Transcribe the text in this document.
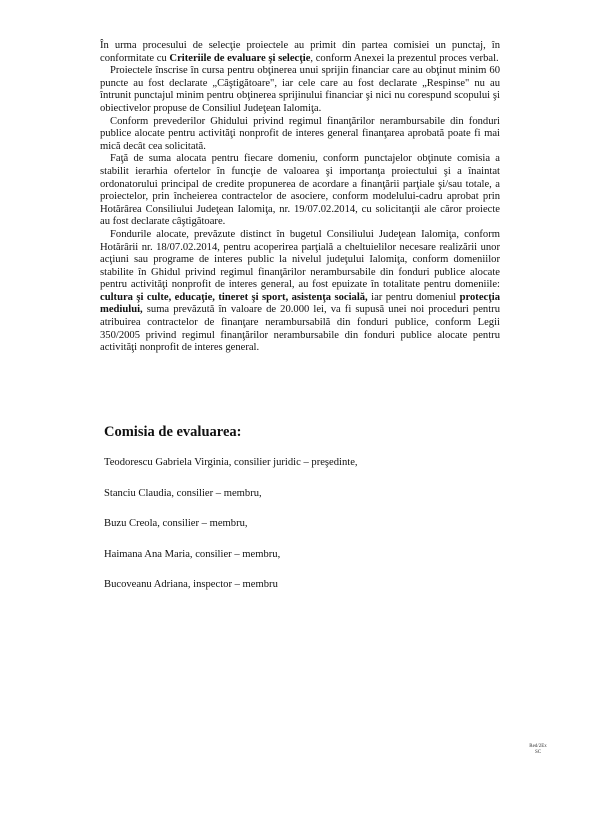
În urma procesului de selecţie proiectele au primit din partea comisiei un punctaj, în conformitate cu Criteriile de evaluare şi selecţie, conform Anexei la prezentul proces verbal.

Proiectele înscrise în cursa pentru obţinerea unui sprijin financiar care au obţinut minim 60 puncte au fost declarate „Câştigătoare", iar cele care au fost declarate „Respinse" nu au întrunit punctajul minim pentru obţinerea sprijinului financiar şi nici nu corespund scopului şi obiectivelor propuse de Consiliul Judeţean Ialomiţa.

Conform prevederilor Ghidului privind regimul finanţărilor nerambursabile din fonduri publice alocate pentru activităţi nonprofit de interes general finanţarea aprobată poate fi mai mică decât cea solicitată.

Faţă de suma alocata pentru fiecare domeniu, conform punctajelor obţinute comisia a stabilit ierarhia ofertelor în funcţie de valoarea şi importanţa proiectului şi a înaintat ordonatorului principal de credite propunerea de acordare a finanţării parţiale şi/sau totale, a proiectelor, prin încheierea contractelor de asociere, conform modelului-cadru aprobat prin Hotărârea Consiliului Judeţean Ialomiţa, nr. 19/07.02.2014, cu solicitanţii ale căror proiecte au fost declarate câştigătoare.

Fondurile alocate, prevăzute distinct în bugetul Consiliului Judeţean Ialomiţa, conform Hotărârii nr. 18/07.02.2014, pentru acoperirea parţială a cheltuielilor necesare realizării unor acţiuni sau programe de interes public la nivelul judeţului Ialomiţa, conform domeniilor stabilite în Ghidul privind regimul finanţărilor nerambursabile din fonduri publice alocate pentru activităţi nonprofit de interes general, au fost epuizate în totalitate pentru domeniile: cultura şi culte, educaţie, tineret şi sport, asistenţa socială, iar pentru domeniul protecţia mediului, suma prevăzută în valoare de 20.000 lei, va fi supusă unei noi proceduri pentru atribuirea contractelor de finanţare nerambursabilă din fonduri publice, conform Legii 350/2005 privind regimul finanţărilor nerambursabile din fonduri publice alocate pentru activităţi nonprofit de interes general.

Comisia de evaluarea:

Teodorescu Gabriela Virginia, consilier juridic – preşedinte,

Stanciu Claudia, consilier – membru,

Buzu Creola, consilier – membru,

Haimana Ana Maria, consilier – membru,

Bucoveanu Adriana, inspector – membru

Red/2Ex
SC
